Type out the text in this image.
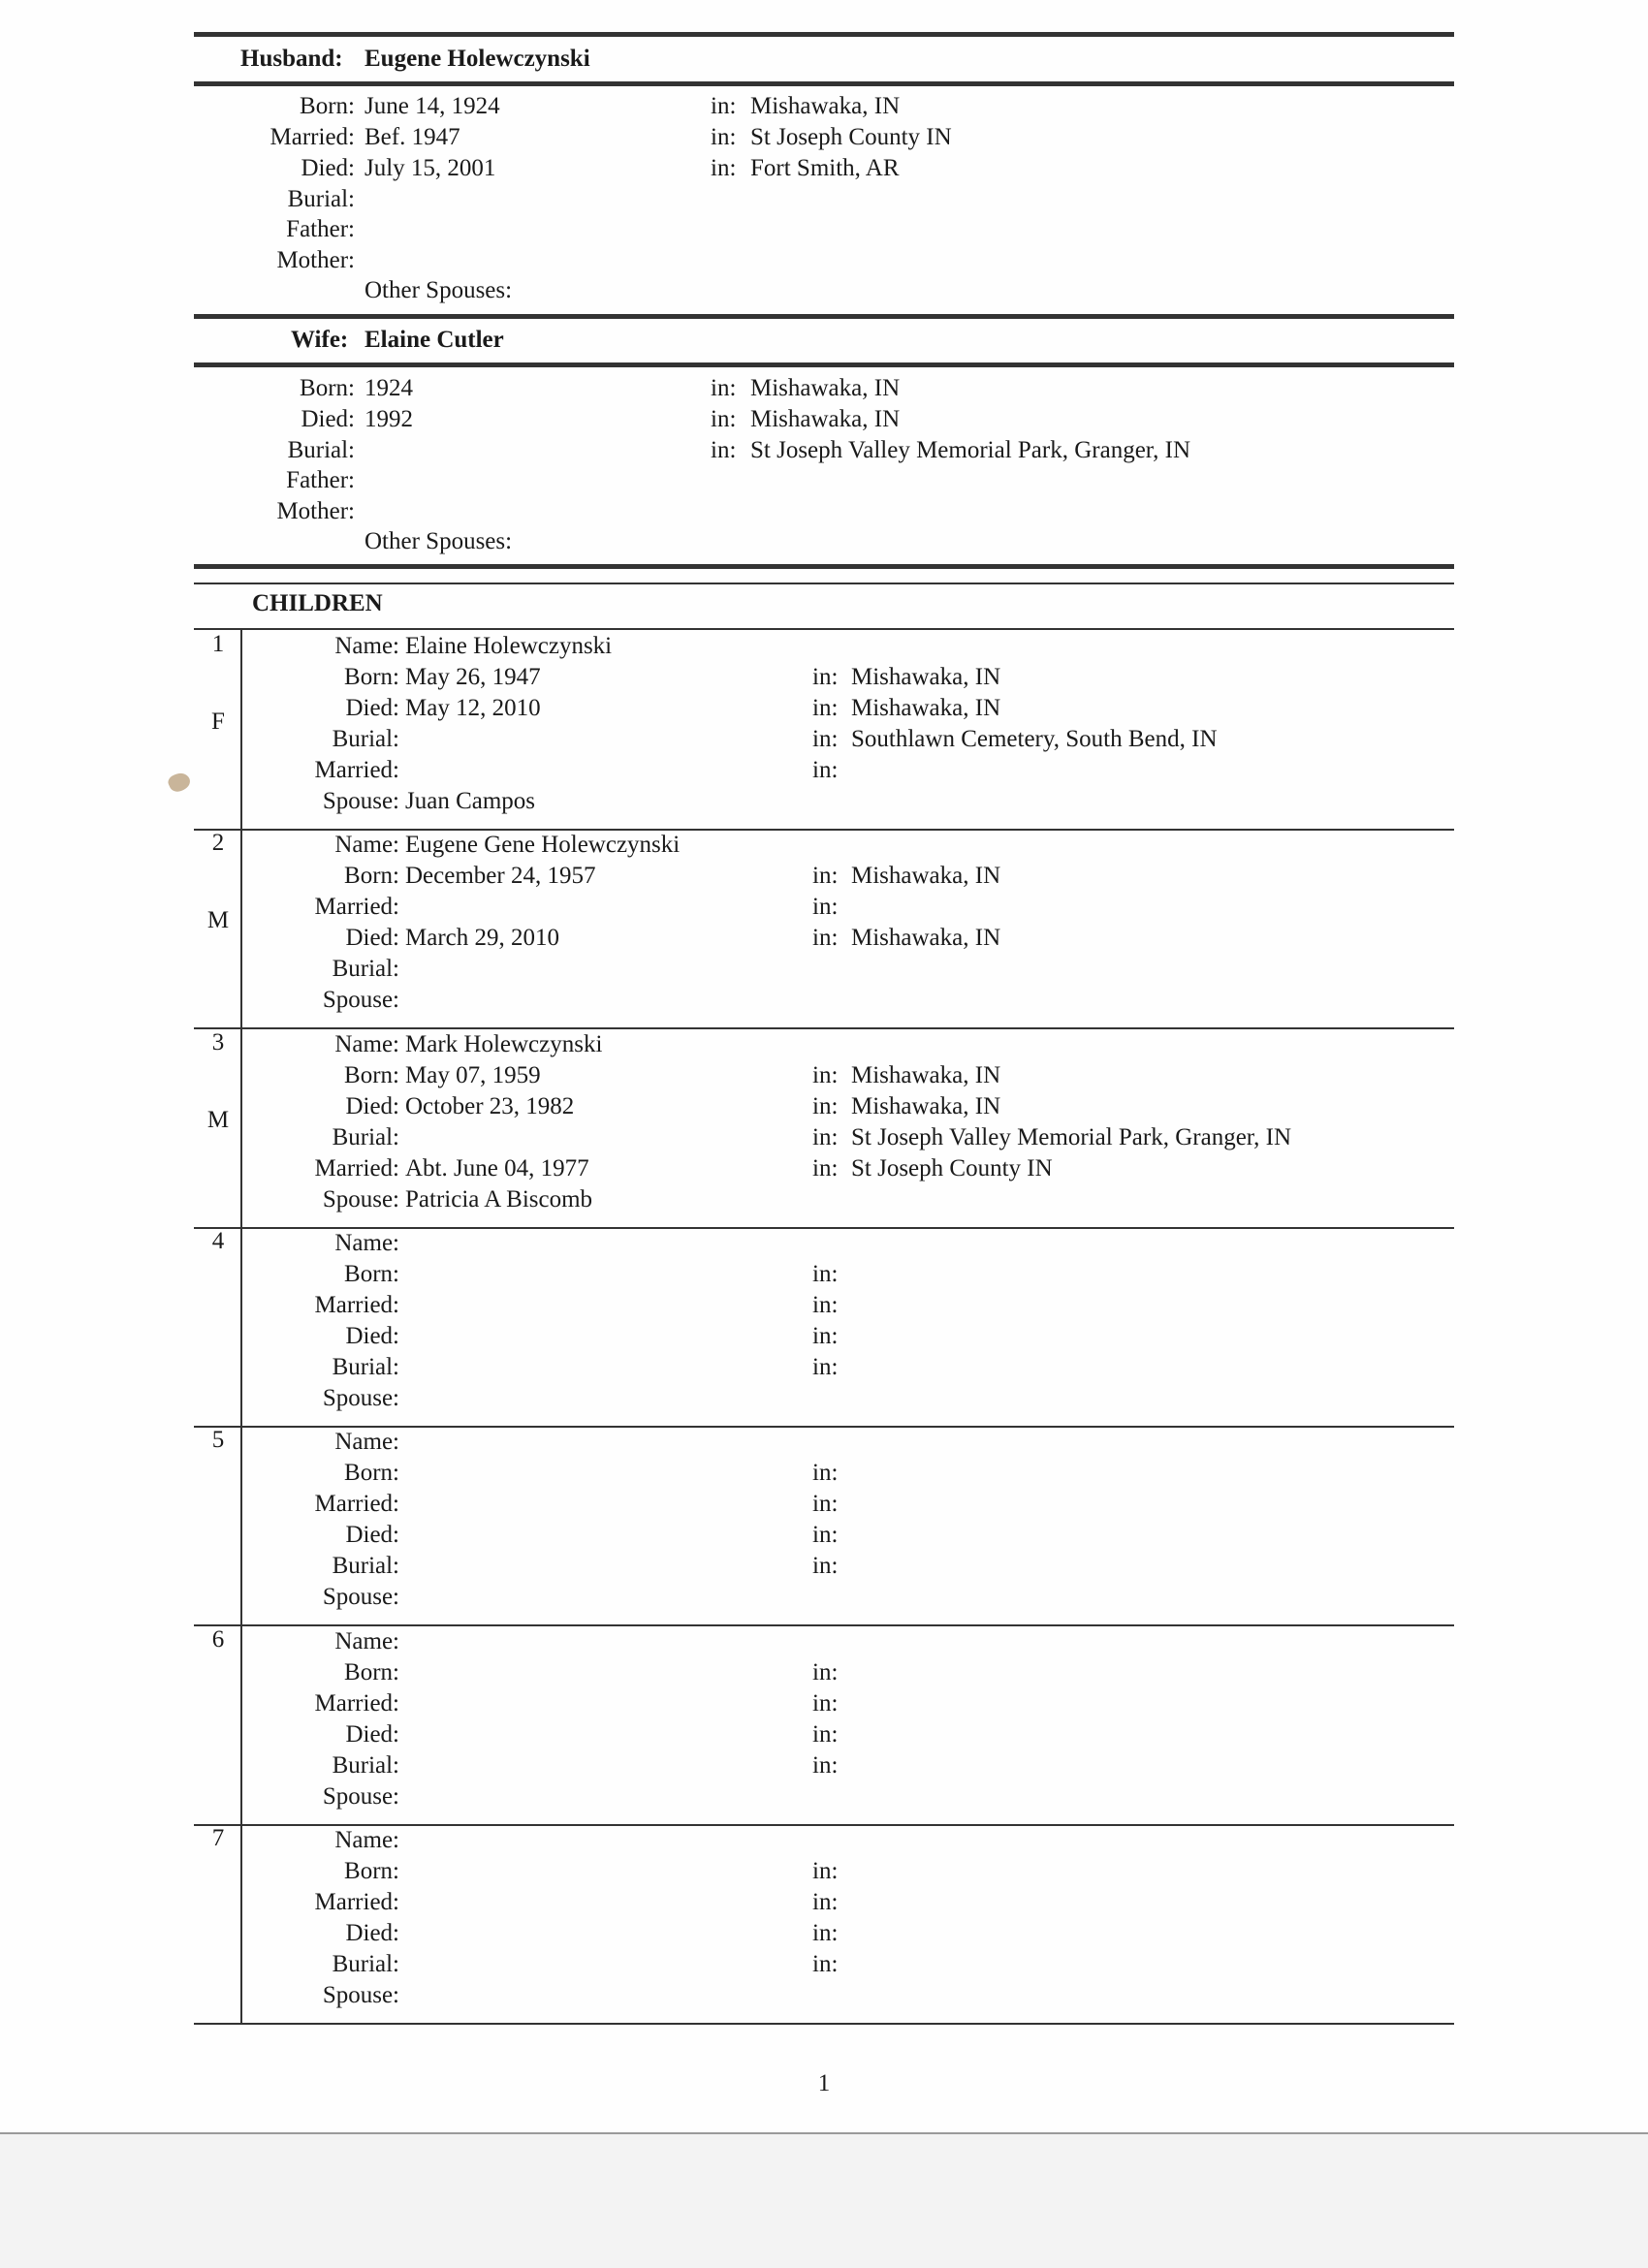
Husband: Eugene Holewczynski
Born: June 14, 1924	in: Mishawaka, IN
Married: Bef. 1947	in: St Joseph County IN
Died: July 15, 2001	in: Fort Smith, AR
Burial:
Father:
Mother:
Other Spouses:
Wife: Elaine Cutler
Born: 1924	in: Mishawaka, IN
Died: 1992	in: Mishawaka, IN
Burial:	in: St Joseph Valley Memorial Park, Granger, IN
Father:
Mother:
Other Spouses:
CHILDREN
1
F
Name: Elaine Holewczynski
Born: May 26, 1947	in: Mishawaka, IN
Died: May 12, 2010	in: Mishawaka, IN
Burial:	in: Southlawn Cemetery, South Bend, IN
Married:	in:
Spouse: Juan Campos
2
M
Name: Eugene Gene Holewczynski
Born: December 24, 1957	in: Mishawaka, IN
Married:	in:
Died: March 29, 2010	in: Mishawaka, IN
Burial:
Spouse:
3
M
Name: Mark Holewczynski
Born: May 07, 1959	in: Mishawaka, IN
Died: October 23, 1982	in: Mishawaka, IN
Burial:	in: St Joseph Valley Memorial Park, Granger, IN
Married: Abt. June 04, 1977	in: St Joseph County IN
Spouse: Patricia A Biscomb
4	Name:
Born:	in:
Married:	in:
Died:	in:
Burial:	in:
Spouse:
5	Name:
Born:	in:
Married:	in:
Died:	in:
Burial:	in:
Spouse:
6	Name:
Born:	in:
Married:	in:
Died:	in:
Burial:	in:
Spouse:
7	Name:
Born:	in:
Married:	in:
Died:	in:
Burial:	in:
Spouse:
1
